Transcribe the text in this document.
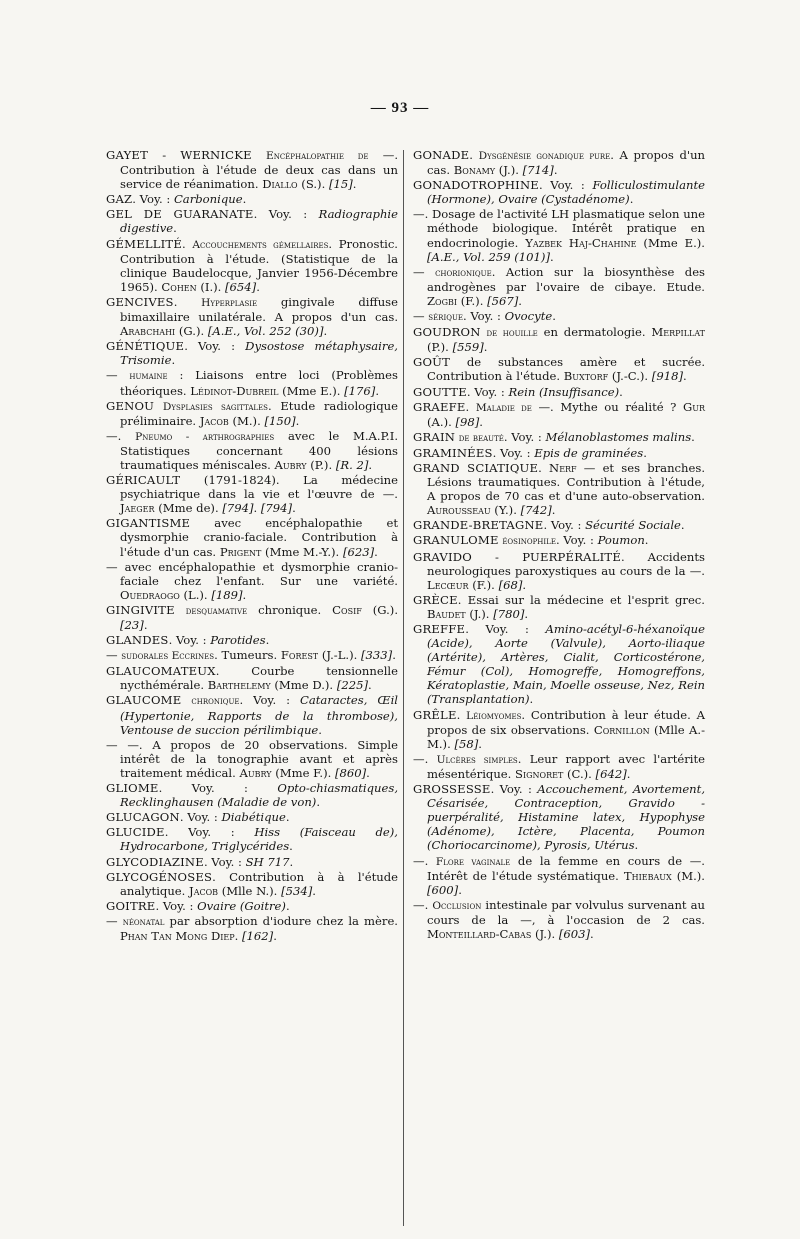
— 93 —

GAYET - WERNICKE Encéphalopathie de —. Contribution à l'étude de deux cas dans un service de réanimation. Diallo (S.). [15].

GAZ. Voy. : Carbonique.

GEL DE GUARANATE. Voy. : Radiographie digestive.

GÉMELLITÉ. Accouchements gémellaires. Pronostic. Contribution à l'étude. (Statistique de la clinique Baudelocque, Janvier 1956-Décembre 1965). Cohen (I.). [654].

GENCIVES. Hyperplasie gingivale diffuse bimaxillaire unilatérale. A propos d'un cas. Arabchahi (G.). [A.E., Vol. 252 (30)].

GÉNÉTIQUE. Voy. : Dysostose métaphysaire, Trisomie.

— humaine : Liaisons entre loci (Problèmes théoriques. Lédinot-Dubreil (Mme E.). [176].

GENOU Dysplasies sagittales. Etude radiologique préliminaire. Jacob (M.). [150].

—. Pneumo - arthrographies avec le M.A.P.I. Statistiques concernant 400 lésions traumatiques méniscales. Aubry (P.). [R. 2].

GÉRICAULT (1791-1824). La médecine psychiatrique dans la vie et l'œuvre de —. Jaeger (Mme de). [794]. [794].

GIGANTISME avec encéphalopathie et dysmorphie cranio-faciale. Contribution à l'étude d'un cas. Prigent (Mme M.-Y.). [623].

— avec encéphalopathie et dysmorphie cranio-faciale chez l'enfant. Sur une variété. Ouedraogo (L.). [189].

GINGIVITE desquamative chronique. Cosif (G.). [23].

GLANDES. Voy. : Parotides.

— sudorales Eccrines. Tumeurs. Forest (J.-L.). [333].

GLAUCOMATEUX. Courbe tensionnelle nycthémérale. Barthelemy (Mme D.). [225].

GLAUCOME chronique. Voy. : Cataractes, Œil (Hypertonie, Rapports de la thrombose), Ventouse de succion périlimbique.

— —. A propos de 20 observations. Simple intérêt de la tonographie avant et après traitement médical. Aubry (Mme F.). [860].

GLIOME. Voy. : Opto-chiasmatiques, Recklinghausen (Maladie de von).

GLUCAGON. Voy. : Diabétique.

GLUCIDE. Voy. : Hiss (Faisceau de), Hydrocarbone, Triglycérides.

GLYCODIAZINE. Voy. : SH 717.

GLYCOGÉNOSES. Contribution à à l'étude analytique. Jacob (Mlle N.). [534].

GOITRE. Voy. : Ovaire (Goitre).

— néonatal par absorption d'iodure chez la mère. Phan Tan Mong Diep. [162].

GONADE. Dysgénésie gonadique pure. A propos d'un cas. Bonamy (J.). [714].

GONADOTROPHINE. Voy. : Folliculostimulante (Hormone), Ovaire (Cystadénome).

—. Dosage de l'activité LH plasmatique selon une méthode biologique. Intérêt pratique en endocrinologie. Yazbek Haj-Chahine (Mme E.). [A.E., Vol. 259 (101)].

— chorionique. Action sur la biosynthèse des androgènes par l'ovaire de cibaye. Etude. Zogbi (F.). [567].

— sérique. Voy. : Ovocyte.

GOUDRON de houille en dermatologie. Merpillat (P.). [559].

GOÛT de substances amère et sucrée. Contribution à l'étude. Buxtorf (J.-C.). [918].

GOUTTE. Voy. : Rein (Insuffisance).

GRAEFE. Maladie de —. Mythe ou réalité ? Gur (A.). [98].

GRAIN de beauté. Voy. : Mélanoblastomes malins.

GRAMINÉES. Voy. : Epis de graminées.

GRAND SCIATIQUE. Nerf — et ses branches. Lésions traumatiques. Contribution à l'étude, A propos de 70 cas et d'une auto-observation. Aurousseau (Y.). [742].

GRANDE-BRETAGNE. Voy. : Sécurité Sociale.

GRANULOME éosinophile. Voy. : Poumon.

GRAVIDO - PUERPÉRALITÉ. Accidents neurologiques paroxystiques au cours de la —. Lecœur (F.). [68].

GRÈCE. Essai sur la médecine et l'esprit grec. Baudet (J.). [780].

GREFFE. Voy. : Amino-acétyl-6-héxanoïque (Acide), Aorte (Valvule), Aorto-iliaque (Artérite), Artères, Cialit, Corticostérone, Fémur (Col), Homogreffe, Homogreffons, Kératoplastie, Main, Moelle osseuse, Nez, Rein (Transplantation).

GRÊLE. Léiomyomes. Contribution à leur étude. A propos de six observations. Cornillon (Mlle A.-M.). [58].

—. Ulcères simples. Leur rapport avec l'artérite mésentérique. Signoret (C.). [642].

GROSSESSE. Voy. : Accouchement, Avortement, Césarisée, Contraception, Gravido - puerpéralité, Histamine latex, Hypophyse (Adénome), Ictère, Placenta, Poumon (Choriocarcinome), Pyrosis, Utérus.

—. Flore vaginale de la femme en cours de —. Intérêt de l'étude systématique. Thiebaux (M.). [600].

—. Occlusion intestinale par volvulus survenant au cours de la —, à l'occasion de 2 cas. Monteillard-Cabas (J.). [603].
